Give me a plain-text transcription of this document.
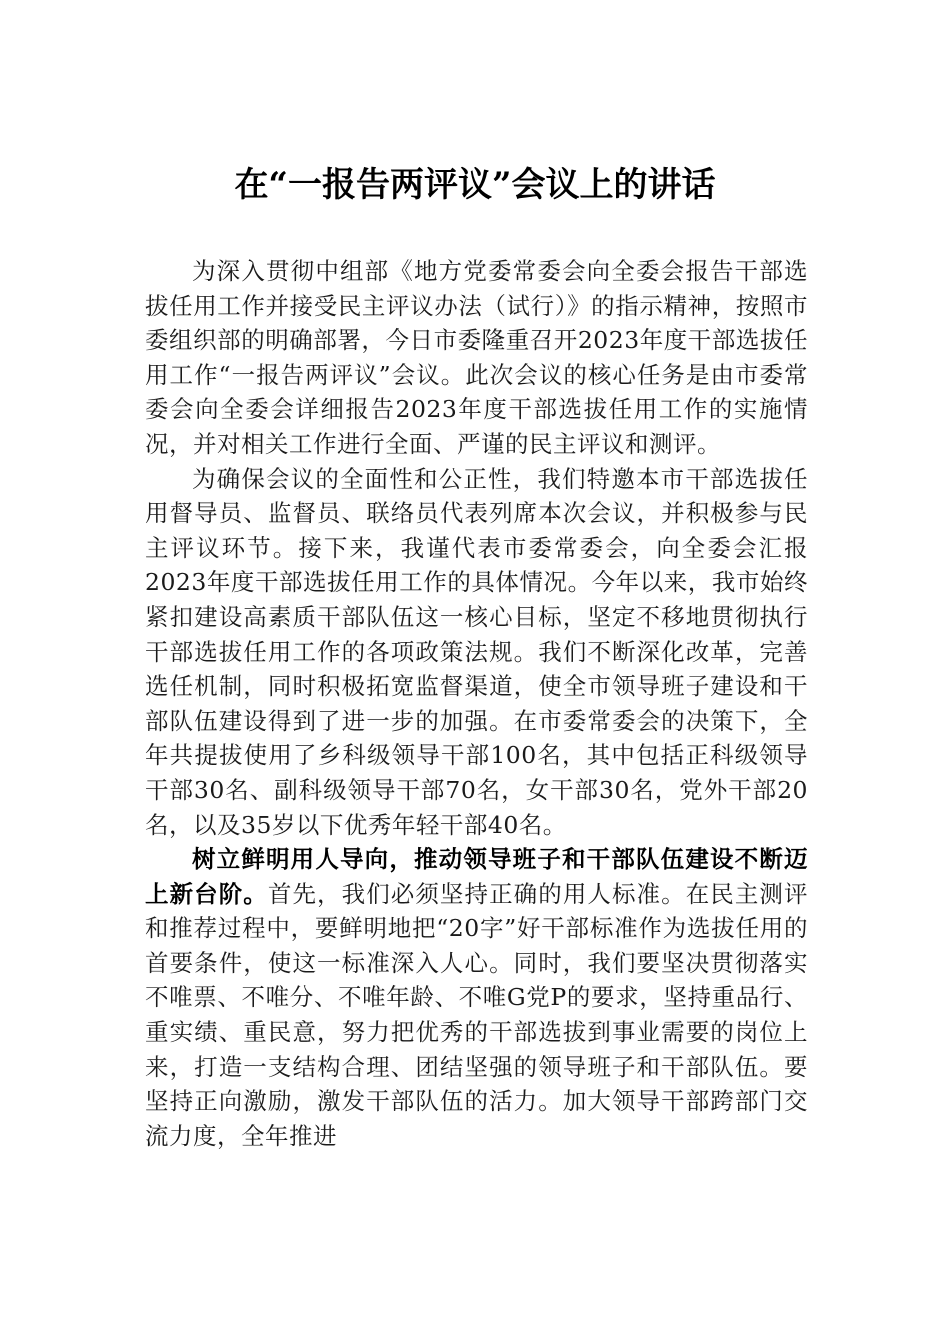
在“一报告两评议”会议上的讲话

为深入贯彻中组部《地方党委常委会向全委会报告干部选拔任用工作并接受民主评议办法（试行）》的指示精神，按照市委组织部的明确部署，今日市委隆重召开2023年度干部选拔任用工作“一报告两评议”会议。此次会议的核心任务是由市委常委会向全委会详细报告2023年度干部选拔任用工作的实施情况，并对相关工作进行全面、严谨的民主评议和测评。

为确保会议的全面性和公正性，我们特邀本市干部选拔任用督导员、监督员、联络员代表列席本次会议，并积极参与民主评议环节。接下来，我谨代表市委常委会，向全委会汇报2023年度干部选拔任用工作的具体情况。今年以来，我市始终紧扣建设高素质干部队伍这一核心目标，坚定不移地贯彻执行干部选拔任用工作的各项政策法规。我们不断深化改革，完善选任机制，同时积极拓宽监督渠道，使全市领导班子建设和干部队伍建设得到了进一步的加强。在市委常委会的决策下，全年共提拔使用了乡科级领导干部100名，其中包括正科级领导干部30名、副科级领导干部70名，女干部30名，党外干部20名，以及35岁以下优秀年轻干部40名。

树立鲜明用人导向，推动领导班子和干部队伍建设不断迈上新台阶。首先，我们必须坚持正确的用人标准。在民主测评和推荐过程中，要鲜明地把“20字”好干部标准作为选拔任用的首要条件，使这一标准深入人心。同时，我们要坚决贯彻落实不唯票、不唯分、不唯年龄、不唯G党P的要求，坚持重品行、重实绩、重民意，努力把优秀的干部选拔到事业需要的岗位上来，打造一支结构合理、团结坚强的领导班子和干部队伍。要坚持正向激励，激发干部队伍的活力。加大领导干部跨部门交流力度，全年推进
